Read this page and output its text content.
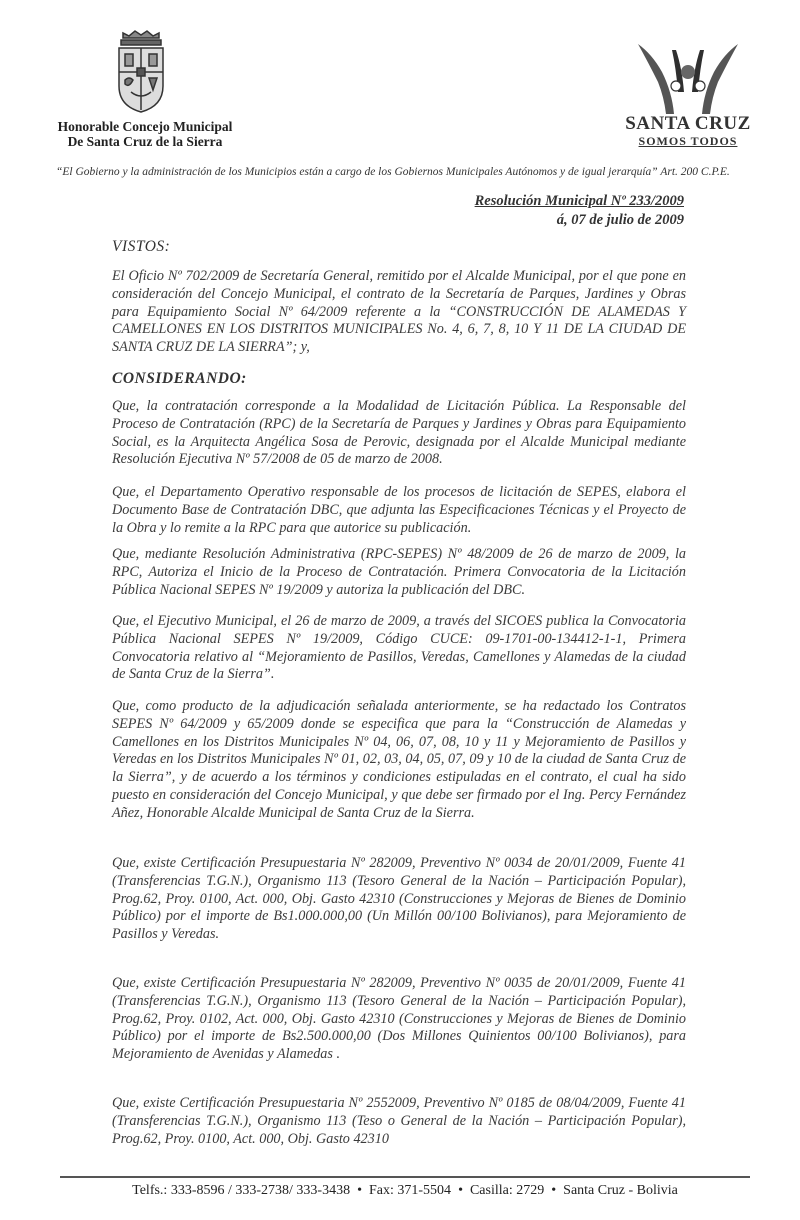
Honorable Concejo Municipal
De Santa Cruz de la Sierra
SANTA CRUZ
SOMOS TODOS
“El Gobierno y la administración de los Municipios están a cargo de los Gobiernos Municipales Autónomos y de igual jerarquía” Art. 200 C.P.E.
Resolución Municipal Nº 233/2009
á, 07 de julio de 2009
VISTOS:

El Oficio Nº 702/2009 de Secretaría General, remitido por el Alcalde Municipal, por el que pone en consideración del Concejo Municipal, el contrato de la Secretaría de Parques, Jardines y Obras para Equipamiento Social Nº 64/2009 referente a la “CONSTRUCCIÓN DE ALAMEDAS Y CAMELLONES EN LOS DISTRITOS MUNICIPALES No. 4, 6, 7, 8, 10 Y 11 DE LA CIUDAD DE SANTA CRUZ DE LA SIERRA”; y,

CONSIDERANDO:

Que, la contratación corresponde a la Modalidad de Licitación Pública. La Responsable del Proceso de Contratación (RPC) de la Secretaría de Parques y Jardines y Obras para Equipamiento Social, es la Arquitecta Angélica Sosa de Perovic, designada por el Alcalde Municipal mediante Resolución Ejecutiva Nº 57/2008 de 05 de marzo de 2008.

Que, el Departamento Operativo responsable de los procesos de licitación de SEPES, elabora el Documento Base de Contratación DBC, que adjunta las Especificaciones Técnicas y el Proyecto de la Obra y lo remite a la RPC para que autorice su publicación.

Que, mediante Resolución Administrativa (RPC-SEPES) Nº 48/2009 de 26 de marzo de 2009, la RPC, Autoriza el Inicio de la Proceso de Contratación. Primera Convocatoria de la Licitación Pública Nacional SEPES Nº 19/2009 y autoriza la publicación del DBC.

Que, el Ejecutivo Municipal, el 26 de marzo de 2009, a través del SICOES publica la Convocatoria Pública Nacional SEPES Nº 19/2009, Código CUCE: 09-1701-00-134412-1-1, Primera Convocatoria relativo al “Mejoramiento de Pasillos, Veredas, Camellones y Alamedas de la ciudad de Santa Cruz de la Sierra”.

Que, como producto de la adjudicación señalada anteriormente, se ha redactado los Contratos SEPES Nº 64/2009 y 65/2009 donde se especifica que para la “Construcción de Alamedas y Camellones en los Distritos Municipales Nº 04, 06, 07, 08, 10 y 11 y Mejoramiento de Pasillos y Veredas en los Distritos Municipales Nº 01, 02, 03, 04, 05, 07, 09 y 10 de la ciudad de Santa Cruz de la Sierra”, y de acuerdo a los términos y condiciones estipuladas en el contrato, el cual ha sido puesto en consideración del Concejo Municipal, y que debe ser firmado por el Ing. Percy Fernández Añez, Honorable Alcalde Municipal de Santa Cruz de la Sierra.

Que, existe Certificación Presupuestaria Nº 282009, Preventivo Nº 0034 de 20/01/2009, Fuente 41 (Transferencias T.G.N.), Organismo 113 (Tesoro General de la Nación – Participación Popular), Prog.62, Proy. 0100, Act. 000, Obj. Gasto 42310 (Construcciones y Mejoras de Bienes de Dominio Público) por el importe de Bs1.000.000,00 (Un Millón 00/100 Bolivianos), para Mejoramiento de Pasillos y Veredas.

Que, existe Certificación Presupuestaria Nº 282009, Preventivo Nº 0035 de 20/01/2009, Fuente 41 (Transferencias T.G.N.), Organismo 113 (Tesoro General de la Nación – Participación Popular), Prog.62, Proy. 0102, Act. 000, Obj. Gasto 42310 (Construcciones y Mejoras de Bienes de Dominio Público) por el importe de Bs2.500.000,00 (Dos Millones Quinientos 00/100 Bolivianos), para Mejoramiento de Avenidas y Alamedas .

Que, existe Certificación Presupuestaria Nº 2552009, Preventivo Nº 0185 de 08/04/2009, Fuente 41 (Transferencias T.G.N.), Organismo 113 (Teso o General de la Nación – Participación Popular), Prog.62, Proy. 0100, Act. 000, Obj. Gasto 42310

Telfs.: 333-8596 / 333-2738/ 333-3438 • Fax: 371-5504 • Casilla: 2729 • Santa Cruz - Bolivia
